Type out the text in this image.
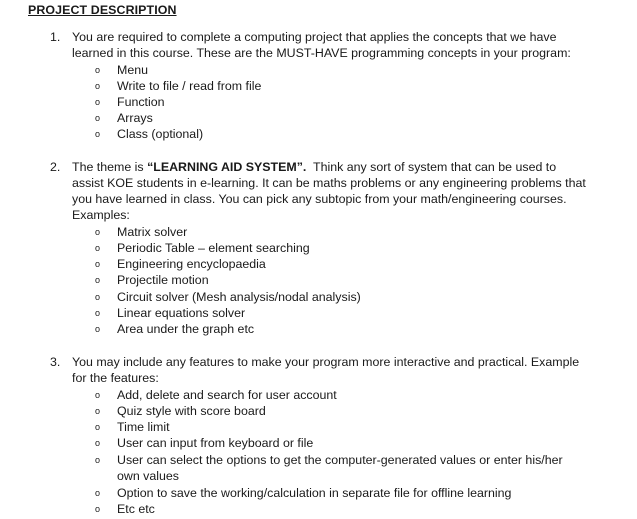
PROJECT DESCRIPTION
1. You are required to complete a computing project that applies the concepts that we have
learned in this course. These are the MUST-HAVE programming concepts in your program:
o Menu
o Write to file / read from file
o Function
o Arrays
o Class (optional)
2. The theme is “LEARNING AID SYSTEM”.  Think any sort of system that can be used to
assist KOE students in e-learning. It can be maths problems or any engineering problems that
you have learned in class. You can pick any subtopic from your math/engineering courses.
Examples:
o Matrix solver
o Periodic Table – element searching
o Engineering encyclopaedia
o Projectile motion
o Circuit solver (Mesh analysis/nodal analysis)
o Linear equations solver
o Area under the graph etc
3. You may include any features to make your program more interactive and practical. Example
for the features:
o Add, delete and search for user account
o Quiz style with score board
o Time limit
o User can input from keyboard or file
o User can select the options to get the computer-generated values or enter his/her
own values
o Option to save the working/calculation in separate file for offline learning
o Etc etc
